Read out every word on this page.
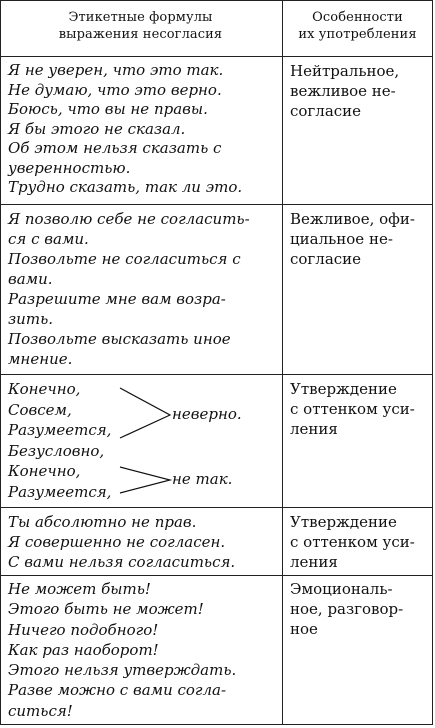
Этикетные формулы
выражения несогласия
Особенности
их употребления
Я не уверен, что это так.
Не думаю, что это верно.
Боюсь, что вы не правы.
Я бы этого не сказал.
Об этом нельзя сказать с
уверенностью.
Трудно сказать, так ли это.
Нейтральное,
вежливое не-
согласие
Я позволю себе не согласить-
ся с вами.
Позвольте не согласиться с
вами.
Разрешите мне вам возра-
зить.
Позвольте высказать иное
мнение.
Вежливое, офи-
циальное не-
согласие
Конечно,
Совсем,
Разумеется,
Безусловно,
Конечно,
Разумеется,
неверно.
не так.
Утверждение
с оттенком уси-
ления
Ты абсолютно не прав.
Я совершенно не согласен.
С вами нельзя согласиться.
Утверждение
с оттенком уси-
ления
Не может быть!
Этого быть не может!
Ничего подобного!
Как раз наоборот!
Этого нельзя утверждать.
Разве можно с вами согла-
ситься!
Эмоциональ-
ное, разговор-
ное
